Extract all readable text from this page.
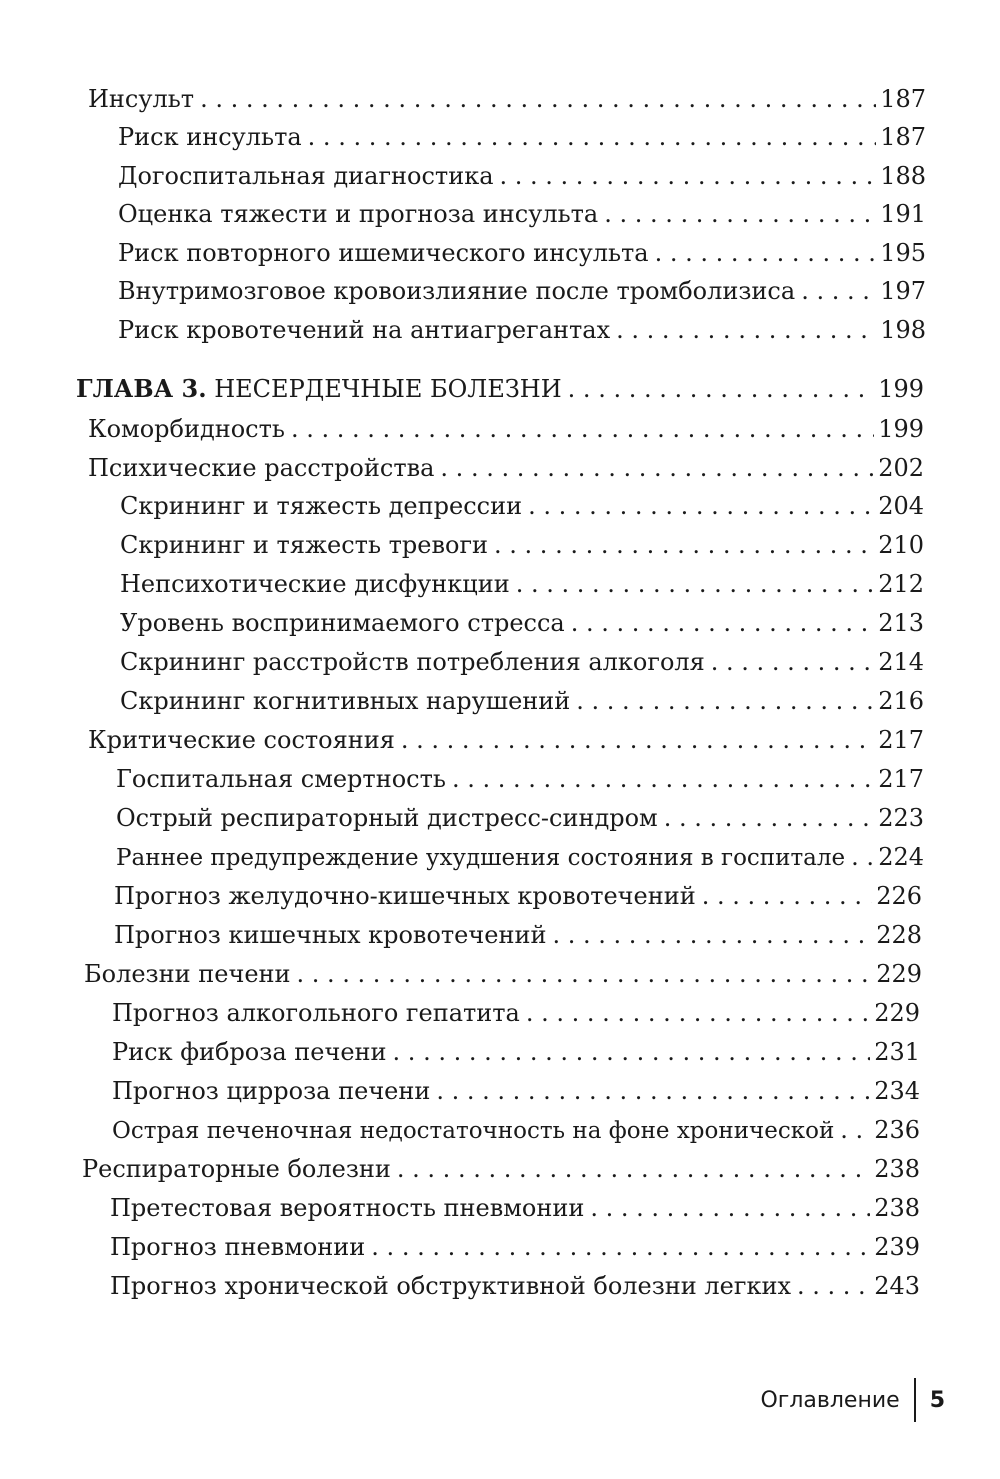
Инсульт . . .	187
Риск инсульта . . .	187
Догоспитальная диагностика . . .	188
Оценка тяжести и прогноза инсульта . . .	191
Риск повторного ишемического инсульта . . .	195
Внутримозговое кровоизлияние после тромболизиса . . .	197
Риск кровотечений на антиагрегантах . . .	198
ГЛАВА 3. НЕСЕРДЕЧНЫЕ БОЛЕЗНИ . . .	199
Коморбидность . . .	199
Психические расстройства . . .	202
Скрининг и тяжесть депрессии . . .	204
Скрининг и тяжесть тревоги . . .	210
Непсихотические дисфункции . . .	212
Уровень воспринимаемого стресса . . .	213
Скрининг расстройств потребления алкоголя . . .	214
Скрининг когнитивных нарушений . . .	216
Критические состояния . . .	217
Госпитальная смертность . . .	217
Острый респираторный дистресс-синдром . . .	223
Раннее предупреждение ухудшения состояния в госпитале . . . 224
Прогноз желудочно-кишечных кровотечений . . .	226
Прогноз кишечных кровотечений . . .	228
Болезни печени . . .	229
Прогноз алкогольного гепатита . . .	229
Риск фиброза печени . . .	231
Прогноз цирроза печени . . .	234
Острая печеночная недостаточность на фоне хронической . . . 236
Респираторные болезни . . .	238
Претестовая вероятность пневмонии . . .	238
Прогноз пневмонии . . .	239
Прогноз хронической обструктивной болезни легких . . .	243
Оглавление	5
